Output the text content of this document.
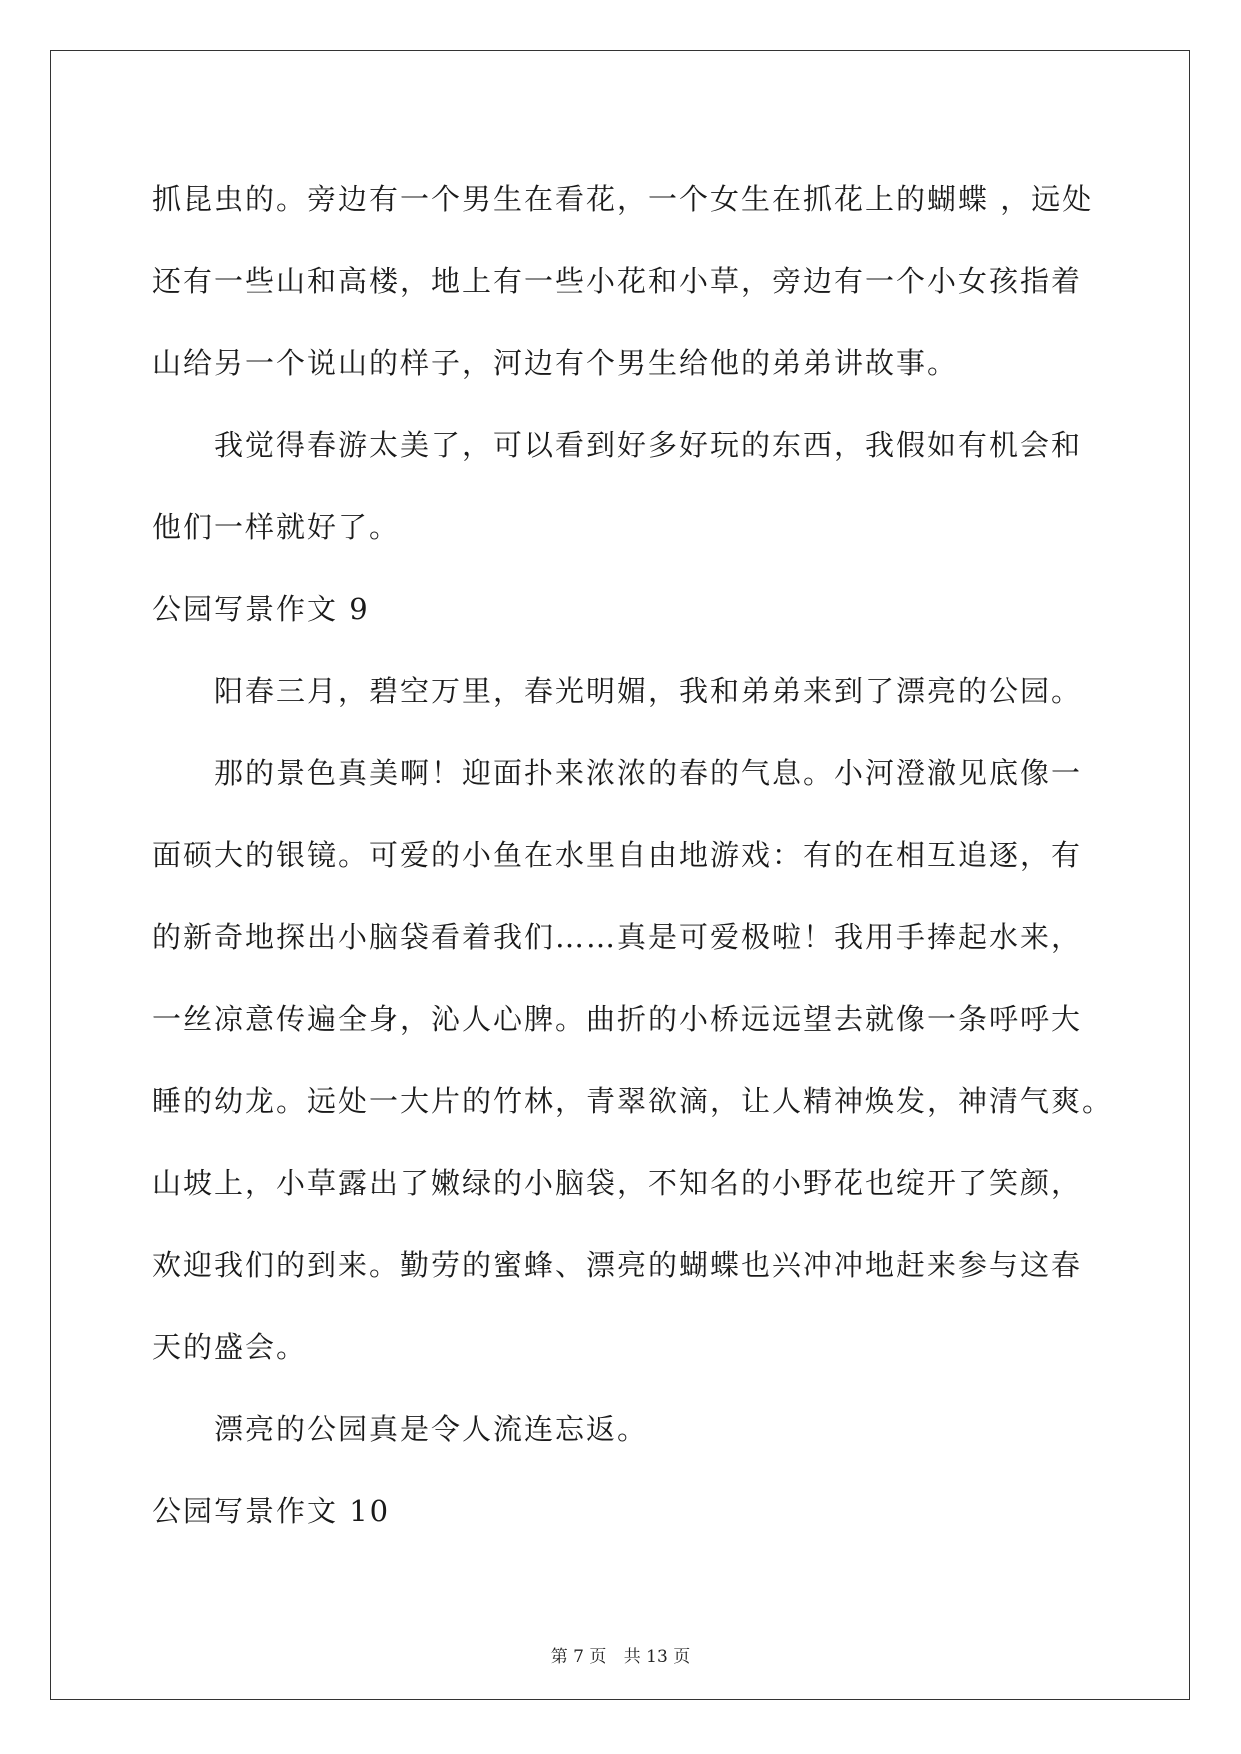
抓昆虫的。旁边有一个男生在看花，一个女生在抓花上的蝴蝶 ，远处
还有一些山和高楼，地上有一些小花和小草，旁边有一个小女孩指着
山给另一个说山的样子，河边有个男生给他的弟弟讲故事。
我觉得春游太美了，可以看到好多好玩的东西，我假如有机会和
他们一样就好了。
公园写景作文 9
阳春三月，碧空万里，春光明媚，我和弟弟来到了漂亮的公园。
那的景色真美啊！迎面扑来浓浓的春的气息。小河澄澈见底像一
面硕大的银镜。可爱的小鱼在水里自由地游戏：有的在相互追逐，有
的新奇地探出小脑袋看着我们……真是可爱极啦！我用手捧起水来，
一丝凉意传遍全身，沁人心脾。曲折的小桥远远望去就像一条呼呼大
睡的幼龙。远处一大片的竹林，青翠欲滴，让人精神焕发，神清气爽。
山坡上，小草露出了嫩绿的小脑袋，不知名的小野花也绽开了笑颜，
欢迎我们的到来。勤劳的蜜蜂、漂亮的蝴蝶也兴冲冲地赶来参与这春
天的盛会。
漂亮的公园真是令人流连忘返。
公园写景作文 10
第 7 页 共 13 页
